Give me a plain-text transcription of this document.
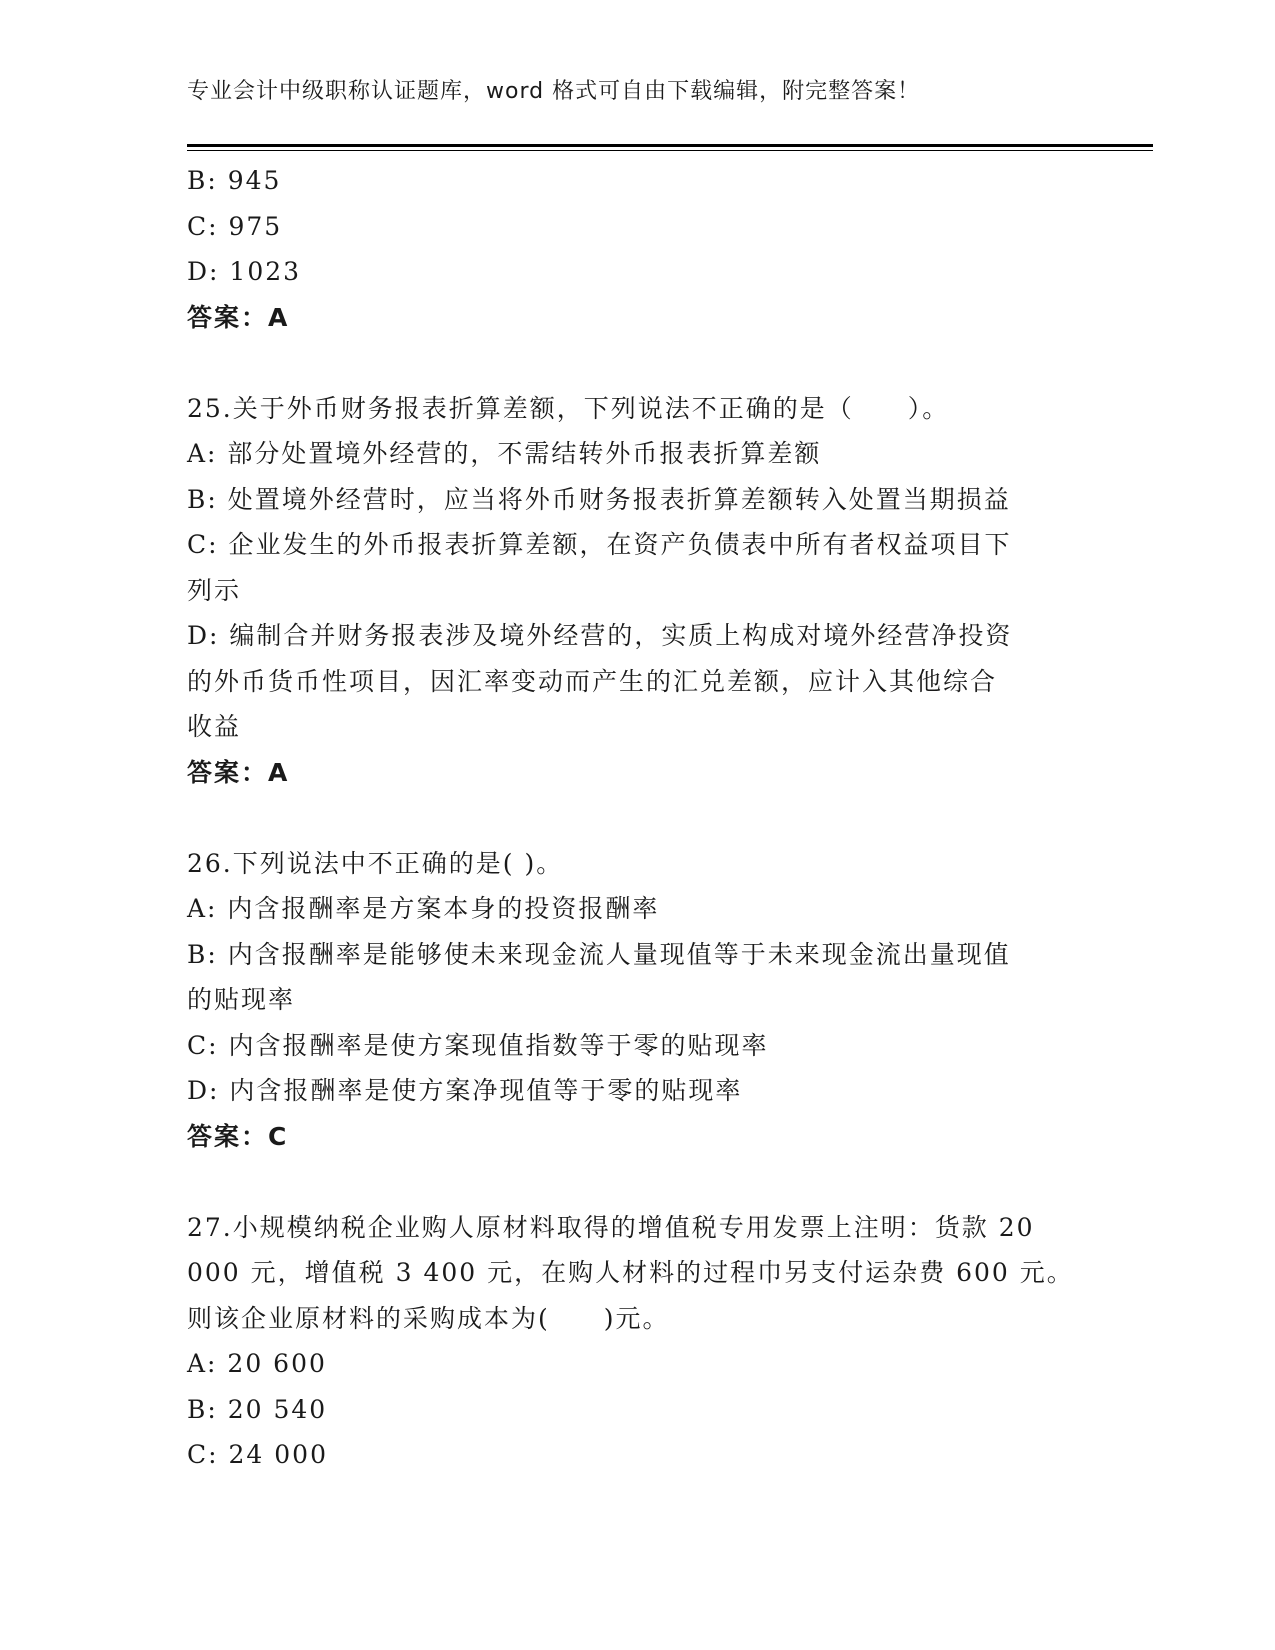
专业会计中级职称认证题库，word 格式可自由下载编辑，附完整答案！
B: 945
C: 975
D: 1023
答案：A
25.关于外币财务报表折算差额，下列说法不正确的是（　　）。
A: 部分处置境外经营的，不需结转外币报表折算差额
B: 处置境外经营时，应当将外币财务报表折算差额转入处置当期损益
C: 企业发生的外币报表折算差额，在资产负债表中所有者权益项目下
列示
D: 编制合并财务报表涉及境外经营的，实质上构成对境外经营净投资
的外币货币性项目，因汇率变动而产生的汇兑差额，应计入其他综合
收益
答案：A
26.下列说法中不正确的是( )。
A: 内含报酬率是方案本身的投资报酬率
B: 内含报酬率是能够使未来现金流人量现值等于未来现金流出量现值
的贴现率
C: 内含报酬率是使方案现值指数等于零的贴现率
D: 内含报酬率是使方案净现值等于零的贴现率
答案：C
27.小规模纳税企业购人原材料取得的增值税专用发票上注明：货款 20
000 元，增值税 3 400 元，在购人材料的过程巾另支付运杂费 600 元。
则该企业原材料的采购成本为(　　)元。
A: 20 600
B: 20 540
C: 24 000
